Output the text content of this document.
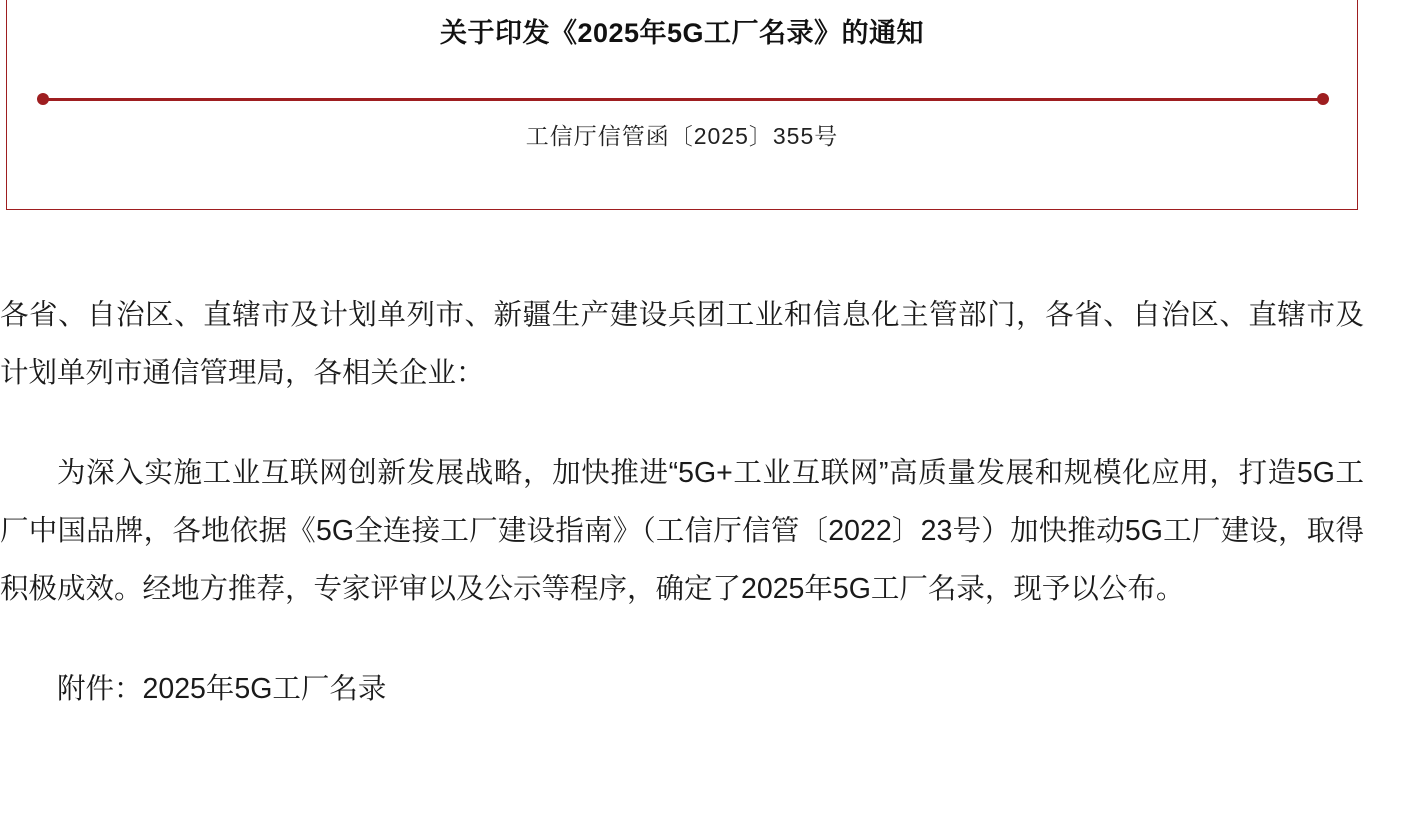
关于印发《2025年5G工厂名录》的通知
工信厅信管函〔2025〕355号

各省、自治区、直辖市及计划单列市、新疆生产建设兵团工业和信息化主管部门，各省、自治区、直辖市及计划单列市通信管理局，各相关企业：

为深入实施工业互联网创新发展战略，加快推进“5G+工业互联网”高质量发展和规模化应用，打造5G工厂中国品牌，各地依据《5G全连接工厂建设指南》（工信厅信管〔2022〕23号）加快推动5G工厂建设，取得积极成效。经地方推荐，专家评审以及公示等程序，确定了2025年5G工厂名录，现予以公布。

附件：2025年5G工厂名录
